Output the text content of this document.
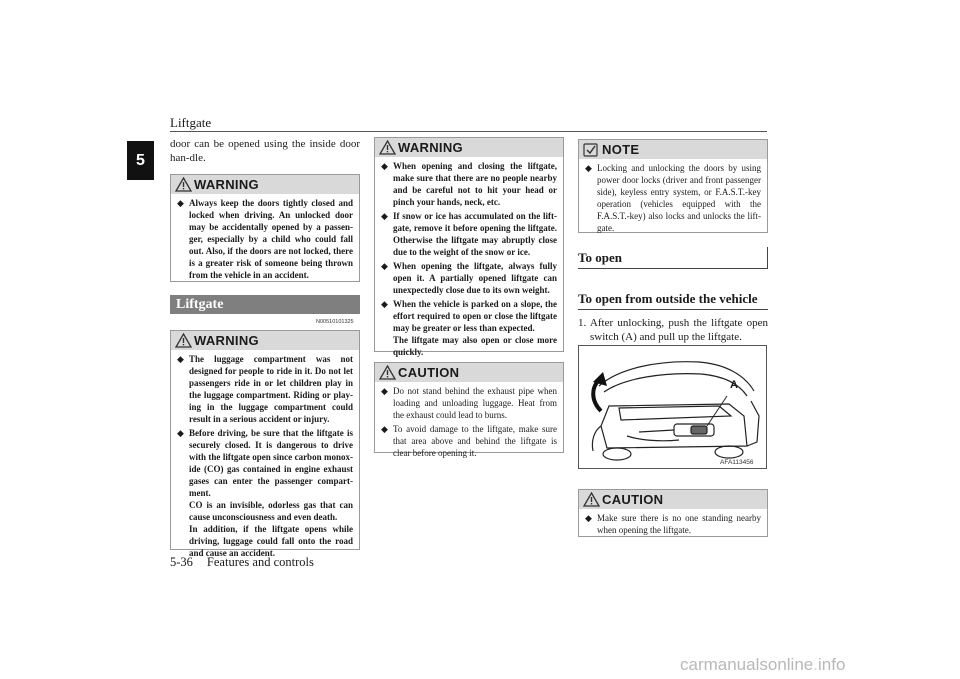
Liftgate
5
door can be opened using the inside door han-dle.
WARNING
◆ Always keep the doors tightly closed and locked when driving. An unlocked door may be accidentally opened by a passen-ger, especially by a child who could fall out. Also, if the doors are not locked, there is a greater risk of someone being thrown from the vehicle in an accident.
Liftgate
N00510101325
WARNING
◆ The luggage compartment was not designed for people to ride in it. Do not let passengers ride in or let children play in the luggage compartment. Riding or play-ing in the luggage compartment could result in a serious accident or injury.
◆ Before driving, be sure that the liftgate is securely closed. It is dangerous to drive with the liftgate open since carbon monox-ide (CO) gas contained in engine exhaust gases can enter the passenger compart-ment.
CO is an invisible, odorless gas that can cause unconsciousness and even death.
In addition, if the liftgate opens while driving, luggage could fall onto the road and cause an accident.
WARNING
◆ When opening and closing the liftgate, make sure that there are no people nearby and be careful not to hit your head or pinch your hands, neck, etc.
◆ If snow or ice has accumulated on the lift-gate, remove it before opening the liftgate. Otherwise the liftgate may abruptly close due to the weight of the snow or ice.
◆ When opening the liftgate, always fully open it. A partially opened liftgate can unexpectedly close due to its own weight.
◆ When the vehicle is parked on a slope, the effort required to open or close the liftgate may be greater or less than expected.
The liftgate may also open or close more quickly.
CAUTION
◆ Do not stand behind the exhaust pipe when loading and unloading luggage. Heat from the exhaust could lead to burns.
◆ To avoid damage to the liftgate, make sure that area above and behind the liftgate is clear before opening it.
NOTE
◆ Locking and unlocking the doors by using power door locks (driver and front passenger side), keyless entry system, or F.A.S.T.-key operation (vehicles equipped with the F.A.S.T.-key) also locks and unlocks the lift-gate.
To open
To open from outside the vehicle
1. After unlocking, push the liftgate open switch (A) and pull up the liftgate.
A
AFA113456
CAUTION
◆ Make sure there is no one standing nearby when opening the liftgate.
5-36 Features and controls
carmanualsonline.info
